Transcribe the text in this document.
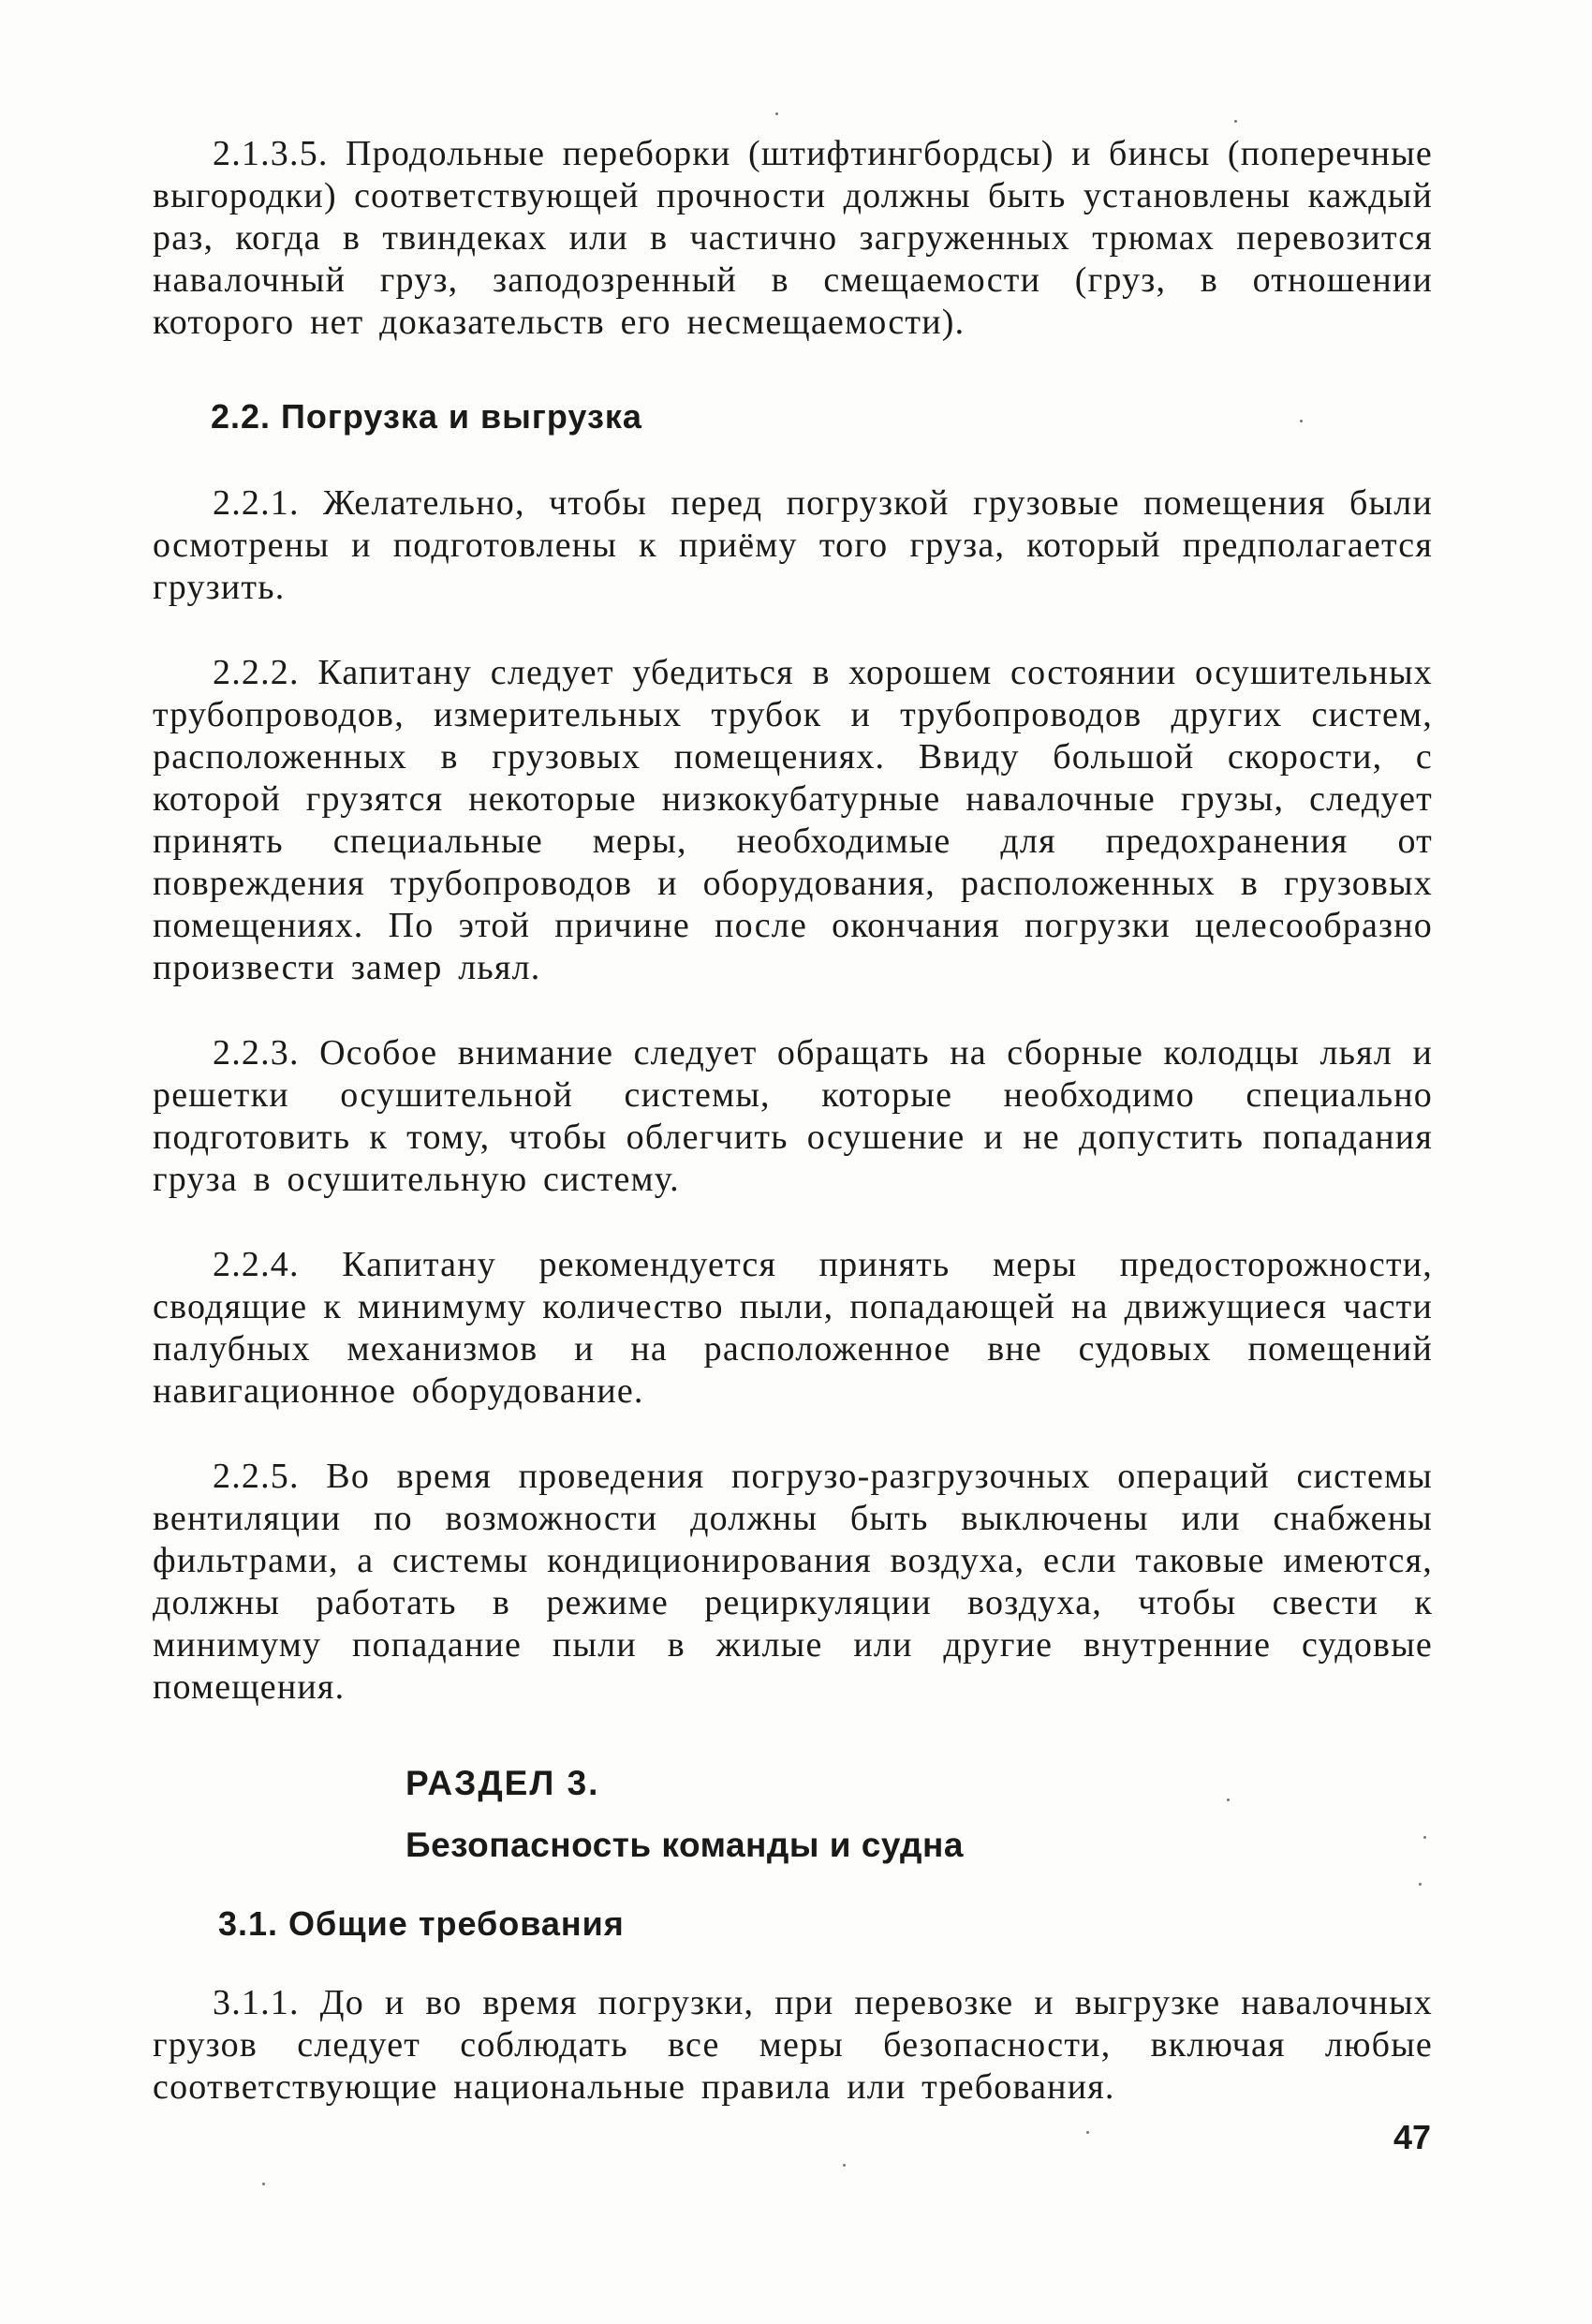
2.1.3.5. Продольные переборки (штифтингбордсы) и бинсы (поперечные выгородки) соответствующей прочности должны быть установлены каждый раз, когда в твиндеках или в частично загруженных трюмах перевозится навалочный груз, заподозренный в смещаемости (груз, в отношении которого нет доказательств его несмещаемости).

2.2. Погрузка и выгрузка

2.2.1. Желательно, чтобы перед погрузкой грузовые помещения были осмотрены и подготовлены к приёму того груза, который предполагается грузить.

2.2.2. Капитану следует убедиться в хорошем состоянии осушительных трубопроводов, измерительных трубок и трубопроводов других систем, расположенных в грузовых помещениях. Ввиду большой скорости, с которой грузятся некоторые низкокубатурные навалочные грузы, следует принять специальные меры, необходимые для предохранения от повреждения трубопроводов и оборудования, расположенных в грузовых помещениях. По этой причине после окончания погрузки целесообразно произвести замер льял.

2.2.3. Особое внимание следует обращать на сборные колодцы льял и решетки осушительной системы, которые необходимо специально подготовить к тому, чтобы облегчить осушение и не допустить попадания груза в осушительную систему.

2.2.4. Капитану рекомендуется принять меры предосторожности, сводящие к минимуму количество пыли, попадающей на движущиеся части палубных механизмов и на расположенное вне судовых помещений навигационное оборудование.

2.2.5. Во время проведения погрузо-разгрузочных операций системы вентиляции по возможности должны быть выключены или снабжены фильтрами, а системы кондиционирования воздуха, если таковые имеются, должны работать в режиме рециркуляции воздуха, чтобы свести к минимуму попадание пыли в жилые или другие внутренние судовые помещения.

РАЗДЕЛ 3.
Безопасность команды и судна
3.1. Общие требования

3.1.1. До и во время погрузки, при перевозке и выгрузке навалочных грузов следует соблюдать все меры безопасности, включая любые соответствующие национальные правила или требования.

47
